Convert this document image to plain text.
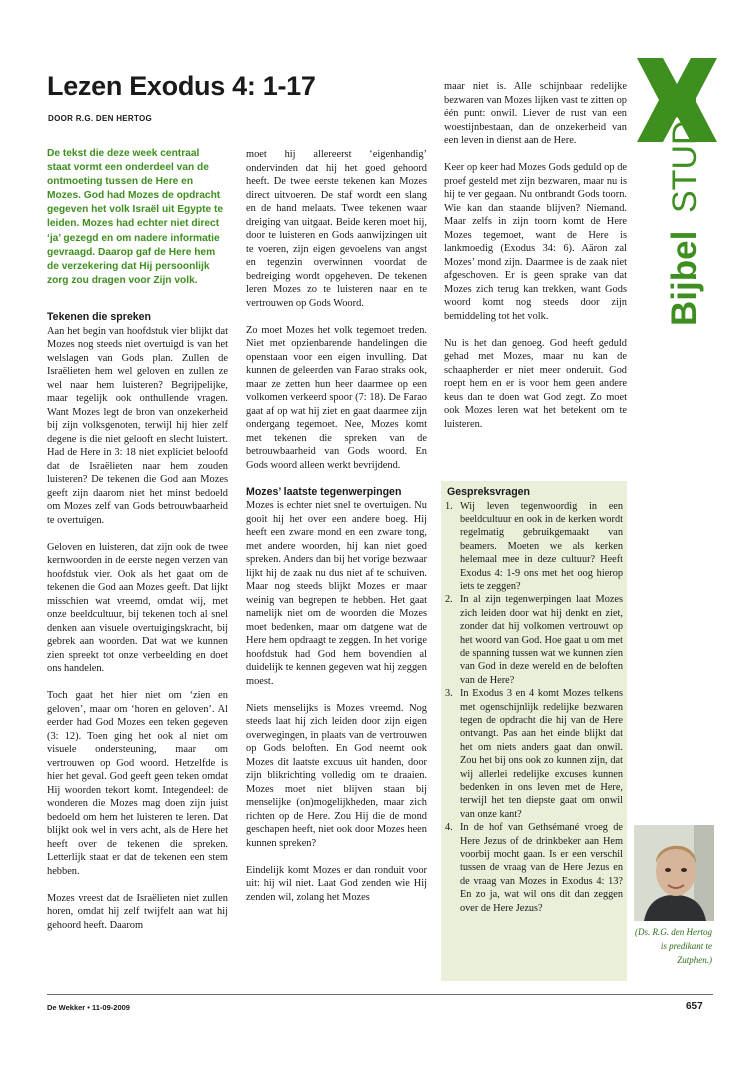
Lezen Exodus 4: 1-17
DOOR R.G. DEN HERTOG
De tekst die deze week centraal staat vormt een onderdeel van de ontmoeting tussen de Here en Mozes. God had Mozes de opdracht gegeven het volk Israël uit Egypte te leiden. Mozes had echter niet direct ‘ja’ gezegd en om nadere informatie gevraagd. Daarop gaf de Here hem de verzekering dat Hij persoonlijk zorg zou dragen voor Zijn volk.
Tekenen die spreken

Aan het begin van hoofdstuk vier blijkt dat Mozes nog steeds niet overtuigd is van het welslagen van Gods plan. Zullen de Israëlieten hem wel geloven en zullen ze wel naar hem luisteren? Begrijpelijke, maar tegelijk ook onthullende vragen. Want Mozes legt de bron van onzekerheid bij zijn volksgenoten, terwijl hij hier zelf degene is die niet gelooft en slecht luistert. Had de Here in 3: 18 niet expliciet beloofd dat de Israëlieten naar hem zouden luisteren? De tekenen die God aan Mozes geeft zijn daarom niet het minst bedoeld om Mozes zelf van Gods betrouwbaarheid te overtuigen.

Geloven en luisteren, dat zijn ook de twee kernwoorden in de eerste negen verzen van hoofdstuk vier. Ook als het gaat om de tekenen die God aan Mozes geeft. Dat lijkt misschien wat vreemd, omdat wij, met onze beeldcultuur, bij tekenen toch al snel denken aan visuele overtuigingskracht, bij gebrek aan woorden. Dat wat we kunnen zien spreekt tot onze verbeelding en doet ons handelen.

Toch gaat het hier niet om ‘zien en geloven’, maar om ‘horen en geloven’. Al eerder had God Mozes een teken gegeven (3: 12). Toen ging het ook al niet om visuele ondersteuning, maar om vertrouwen op God woord. Hetzelfde is hier het geval. God geeft geen teken omdat Hij woorden tekort komt. Integendeel: de wonderen die Mozes mag doen zijn juist bedoeld om hem het luisteren te leren. Dat blijkt ook wel in vers acht, als de Here het heeft over de tekenen die spreken. Letterlijk staat er dat de tekenen een stem hebben.

Mozes vreest dat de Israëlieten niet zullen horen, omdat hij zelf twijfelt aan wat hij gehoord heeft. Daarom

moet hij allereerst ‘eigenhandig’ ondervinden dat hij het goed gehoord heeft. De twee eerste tekenen kan Mozes direct uitvoeren. De staf wordt een slang en de hand melaats. Twee tekenen waar dreiging van uitgaat. Beide keren moet hij, door te luisteren en Gods aanwijzingen uit te voeren, zijn eigen gevoelens van angst en tegenzin overwinnen voordat de bedreiging wordt opgeheven. De tekenen leren Mozes zo te luisteren naar en te vertrouwen op Gods Woord.

Zo moet Mozes het volk tegemoet treden. Niet met opzienbarende handelingen die openstaan voor een eigen invulling. Dat kunnen de geleerden van Farao straks ook, maar ze zetten hun heer daarmee op een volkomen verkeerd spoor (7: 18). De Farao gaat af op wat hij ziet en gaat daarmee zijn ondergang tegemoet. Nee, Mozes komt met tekenen die spreken van de betrouwbaarheid van Gods woord. En Gods woord alleen werkt bevrijdend.

Mozes’ laatste tegenwerpingen

Mozes is echter niet snel te overtuigen. Nu gooit hij het over een andere boeg. Hij heeft een zware mond en een zware tong, met andere woorden, hij kan niet goed spreken. Anders dan bij het vorige bezwaar lijkt hij de zaak nu dus niet af te schuiven. Maar nog steeds blijkt Mozes er maar weinig van begrepen te hebben. Het gaat namelijk niet om de woorden die Mozes moet bedenken, maar om datgene wat de Here hem opdraagt te zeggen. In het vorige hoofdstuk had God hem bovendien al duidelijk te kennen gegeven wat hij zeggen moest.

Niets menselijks is Mozes vreemd. Nog steeds laat hij zich leiden door zijn eigen overwegingen, in plaats van de vertrouwen op Gods beloften. En God neemt ook Mozes dit laatste excuus uit handen, door zijn blikrichting volledig om te draaien. Mozes moet niet blijven staan bij menselijke (on)mogelijkheden, maar zich richten op de Here. Zou Hij die de mond geschapen heeft, niet ook door Mozes heen kunnen spreken?

Eindelijk komt Mozes er dan ronduit voor uit: hij wil niet. Laat God zenden wie Hij zenden wil, zolang het Mozes

maar niet is. Alle schijnbaar redelijke bezwaren van Mozes lijken vast te zitten op één punt: onwil. Liever de rust van een woestijnbestaan, dan de onzekerheid van een leven in dienst aan de Here.

Keer op keer had Mozes Gods geduld op de proef gesteld met zijn bezwaren, maar nu is hij te ver gegaan. Nu ontbrandt Gods toorn. Wie kan dan staande blijven? Niemand. Maar zelfs in zijn toorn komt de Here Mozes tegemoet, want de Here is lankmoedig (Exodus 34: 6). Aäron zal Mozes’ mond zijn. Daarmee is de zaak niet afgeschoven. Er is geen sprake van dat Mozes zich terug kan trekken, want Gods woord komt nog steeds door zijn bemiddeling tot het volk.

Nu is het dan genoeg. God heeft geduld gehad met Mozes, maar nu kan de schaapherder er niet meer onderuit. God roept hem en er is voor hem geen andere keus dan te doen wat God zegt. Zo moet ook Mozes leren wat het betekent om te luisteren.

Gespreksvragen
1. Wij leven tegenwoordig in een beeldcultuur en ook in de kerken wordt regelmatig gebruikgemaakt van beamers. Moeten we als kerken helemaal mee in deze cultuur? Heeft Exodus 4: 1-9 ons met het oog hierop iets te zeggen?
2. In al zijn tegenwerpingen laat Mozes zich leiden door wat hij denkt en ziet, zonder dat hij volkomen vertrouwt op het woord van God. Hoe gaat u om met de spanning tussen wat we kunnen zien van God in deze wereld en de beloften van de Here?
3. In Exodus 3 en 4 komt Mozes telkens met ogenschijnlijk redelijke bezwaren tegen de opdracht die hij van de Here ontvangt. Pas aan het einde blijkt dat het om niets anders gaat dan onwil. Zou het bij ons ook zo kunnen zijn, dat wij allerlei redelijke excuses kunnen bedenken in ons leven met de Here, terwijl het ten diepste gaat om onwil van onze kant?
4. In de hof van Gethsémané vroeg de Here Jezus of de drinkbeker aan Hem voorbij mocht gaan. Is er een verschil tussen de vraag van de Here Jezus en de vraag van Mozes in Exodus 4: 13? En zo ja, wat wil ons dit dan zeggen over de Here Jezus?
Bijbel
STUDIE
(Ds. R.G. den Hertog is predikant te Zutphen.)
De Wekker • 11-09-2009	657
